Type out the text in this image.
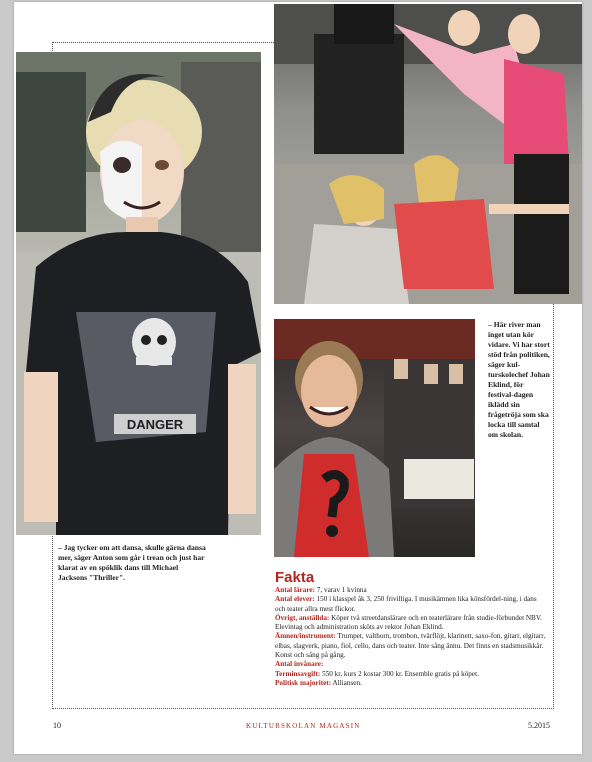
DANGER
– Jag tycker om att dansa, skulle gärna dansa mer, säger Anton som går i trean och just har klarat av en spöklik dans till Michael Jacksons "Thriller".
– Här river man inget utan kör vidare. Vi har stort stöd från politiken, säger kul-turskolechef Johan Eklind, för festival-dagen iklädd sin frågetröja som ska locka till samtal om skolan.
Fakta
Antal lärare: 7, varav 1 kvinna
Antal elever: 150 i klasspel åk 3, 250 frivilliga. I musikämnen lika könsfördel-ning, i dans och teater allra mest flickor.
Övrigt, anställda: Köper två streetdanslärare och en teaterlärare från studie-förbundet NBV. Elevintag och administration sköts av rektor Johan Eklind.
Ämnen/instrument: Trumpet, valthorn, trombon, tvärflöjt, klarinett, saxo-fon, gitarr, elgitarr, elbas, slagverk, piano, fiol, cello, dans och teater. Inte sång ännu. Det finns en stadsmusikkår. Konst och sång på gång.
Antal invånare:
Terminsavgift: 550 kr, kurs 2 kostar 300 kr. Ensemble gratis på köpet.
Politisk majoritet: Alliansen.
10	KULTURSKOLAN MAGASIN	5.2015
